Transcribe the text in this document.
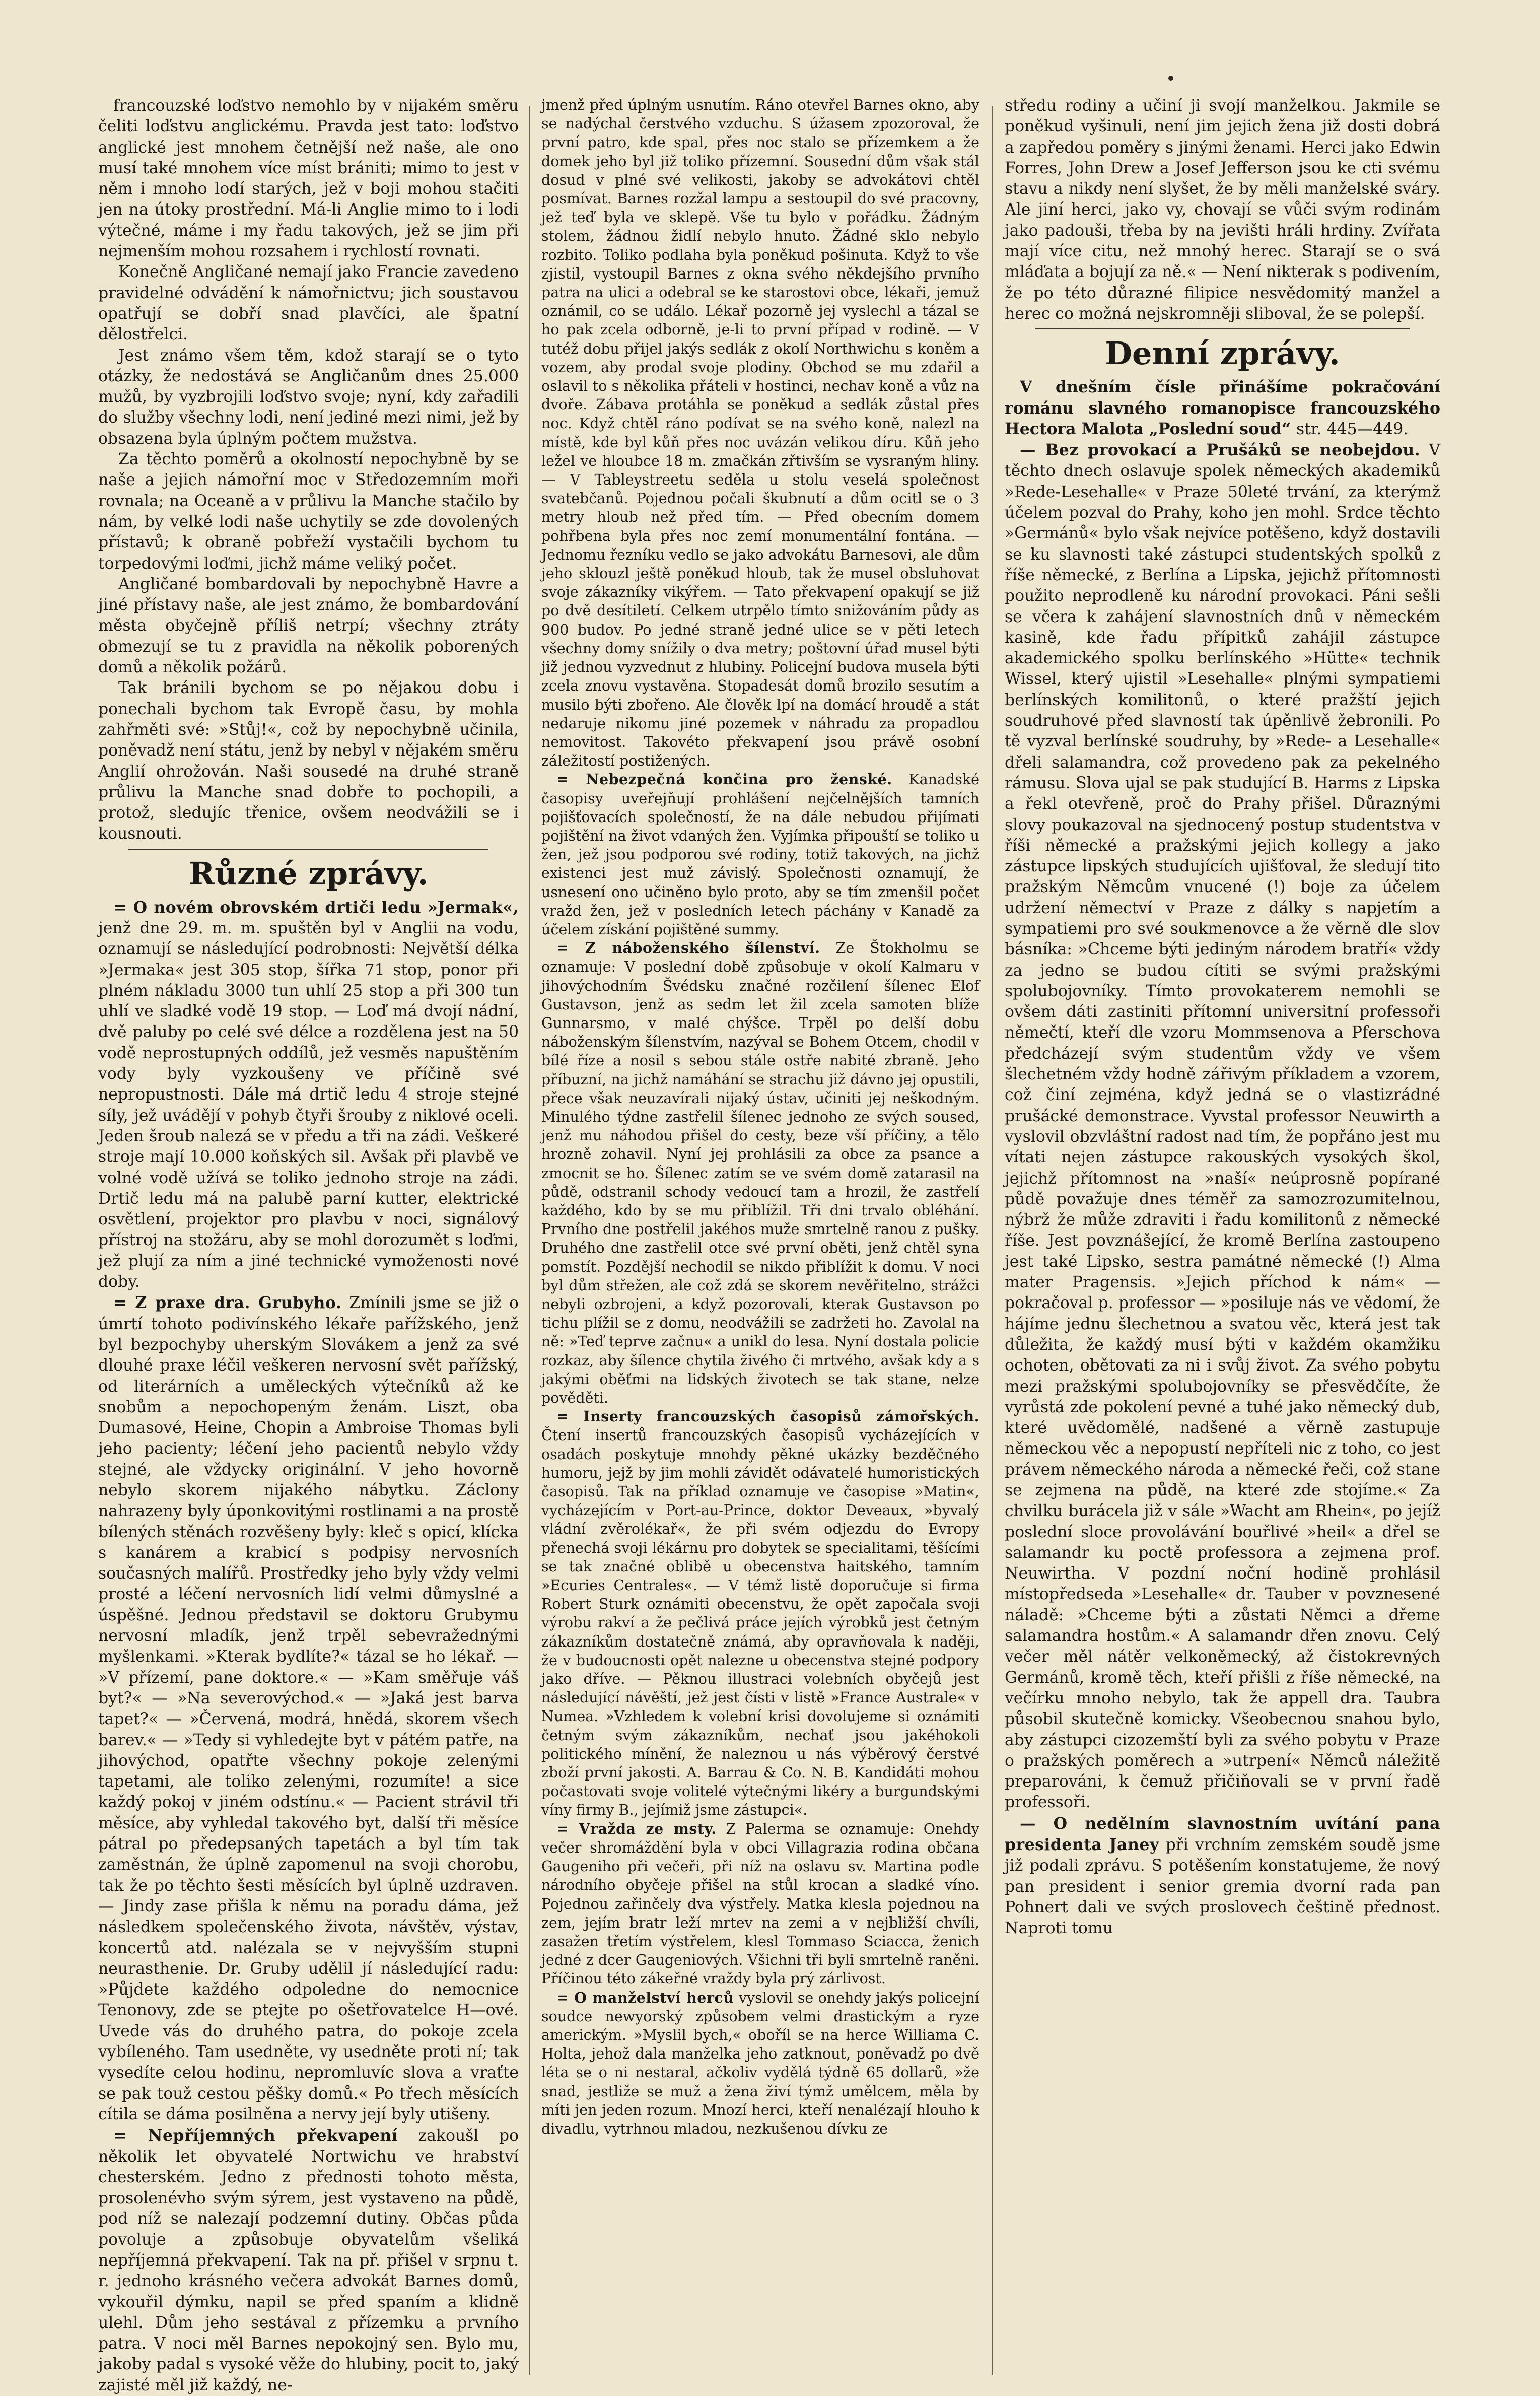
francouzské loďstvo nemohlo by v nijakém směru čeliti loďstvu anglickému. Pravda jest tato: loďstvo anglické jest mnohem četnější než naše, ale ono musí také mnohem více míst brániti; mimo to jest v něm i mnoho lodí starých, jež v boji mohou stačiti jen na útoky prostřední. Má-li Anglie mimo to i lodi výtečné, máme i my řadu takových, jež se jim při nejmenším mohou rozsahem i rychlostí rovnati.

Konečně Angličané nemají jako Francie zavedeno pravidelné odvádění k námořnictvu; jich soustavou opatřují se dobří snad plavčíci, ale špatní dělostřelci.

Jest známo všem těm, kdož starají se o tyto otázky, že nedostává se Angličanům dnes 25.000 mužů, by vyzbrojili loďstvo svoje; nyní, kdy zařadili do služby všechny lodi, není jediné mezi nimi, jež by obsazena byla úplným počtem mužstva.

Za těchto poměrů a okolností nepochybně by se naše a jejich námořní moc v Středozemním moři rovnala; na Oceaně a v průlivu la Manche stačilo by nám, by velké lodi naše uchytily se zde dovolených přístavů; k obraně pobřeží vystačili bychom tu torpedovými loďmi, jichž máme veliký počet.

Angličané bombardovali by nepochybně Havre a jiné přístavy naše, ale jest známo, že bombardování města obyčejně příliš netrpí; všechny ztráty obmezují se tu z pravidla na několik poborených domů a několik požárů.

Tak bránili bychom se po nějakou dobu i ponechali bychom tak Evropě času, by mohla zahřměti své: »Stůj!«, což by nepochybně učinila, poněvadž není státu, jenž by nebyl v nějakém směru Anglií ohrožován. Naši sousedé na druhé straně průlivu la Manche snad dobře to pochopili, a protož, sledujíc třenice, ovšem neodvážili se i kousnouti.

Různé zprávy.

= O novém obrovském drtiči ledu »Jermak«, jenž dne 29. m. m. spuštěn byl v Anglii na vodu, oznamují se následující podrobnosti: Největší délka »Jermaka« jest 305 stop, šířka 71 stop, ponor při plném nákladu 3000 tun uhlí 25 stop a při 300 tun uhlí ve sladké vodě 19 stop. — Loď má dvojí nádní, dvě paluby po celé své délce a rozdělena jest na 50 vodě neprostupných oddílů, jež vesměs napuštěním vody byly vyzkoušeny ve příčině své nepropustnosti. Dále má drtič ledu 4 stroje stejné síly, jež uvádějí v pohyb čtyři šrouby z niklové oceli. Jeden šroub nalezá se v předu a tři na zádi. Veškeré stroje mají 10.000 koňských sil. Avšak při plavbě ve volné vodě užívá se toliko jednoho stroje na zádi. Drtič ledu má na palubě parní kutter, elektrické osvětlení, projektor pro plavbu v noci, signálový přístroj na stožáru, aby se mohl dorozumět s loďmi, jež plují za ním a jiné technické vymoženosti nové doby.

= Z praxe dra. Grubyho. Zmínili jsme se již o úmrtí tohoto podivínského lékaře pařížského, jenž byl bezpochyby uherským Slovákem a jenž za své dlouhé praxe léčil veškeren nervosní svět pařížský, od literárních a uměleckých výtečníků až ke snobům a nepochopeným ženám. Liszt, oba Dumasové, Heine, Chopin a Ambroise Thomas byli jeho pacienty; léčení jeho pacientů nebylo vždy stejné, ale vždycky originální. V jeho hovorně nebylo skorem nijakého nábytku. Záclony nahrazeny byly úponkovitými rostlinami a na prostě bílených stěnách rozvěšeny byly: kleč s opicí, klícka s kanárem a krabicí s podpisy nervosních současných malířů. Prostředky jeho byly vždy velmi prosté a léčení nervosních lidí velmi důmyslné a úspěšné. Jednou představil se doktoru Grubymu nervosní mladík, jenž trpěl sebevražednými myšlenkami. »Kterak bydlíte?« tázal se ho lékař. — »V přízemí, pane doktore.« — »Kam směřuje váš byt?« — »Na severovýchod.« — »Jaká jest barva tapet?« — »Červená, modrá, hnědá, skorem všech barev.« — »Tedy si vyhledejte byt v pátém patře, na jihovýchod, opatřte všechny pokoje zelenými tapetami, ale toliko zelenými, rozumíte! a sice každý pokoj v jiném odstínu.« — Pacient strávil tři měsíce, aby vyhledal takového byt, další tři měsíce pátral po předepsaných tapetách a byl tím tak zaměstnán, že úplně zapomenul na svoji chorobu, tak že po těchto šesti měsících byl úplně uzdraven. — Jindy zase přišla k němu na poradu dáma, jež následkem společenského života, návštěv, výstav, koncertů atd. nalézala se v nejvyšším stupni neurasthenie. Dr. Gruby udělil jí následující radu: »Půjdete každého odpoledne do nemocnice Tenonovy, zde se ptejte po ošetřovatelce H—ové. Uvede vás do druhého patra, do pokoje zcela vybíleného. Tam usedněte, vy usedněte proti ní; tak vysedíte celou hodinu, nepromluvíc slova a vraťte se pak touž cestou pěšky domů.« Po třech měsících cítila se dáma posilněna a nervy její byly utišeny.

= Nepříjemných překvapení zakoušl po několik let obyvatelé Nortwichu ve hrabství chesterském. Jedno z přednosti tohoto města, prosolenévho svým sýrem, jest vystaveno na půdě, pod níž se nalezají podzemní dutiny. Občas půda povoluje a způsobuje obyvatelům všeliká nepříjemná překvapení. Tak na př. přišel v srpnu t. r. jednoho krásného večera advokát Barnes domů, vykouřil dýmku, napil se před spaním a klidně ulehl. Dům jeho sestával z přízemku a prvního patra. V noci měl Barnes nepokojný sen. Bylo mu, jakoby padal s vysoké věže do hlubiny, pocit to, jaký zajisté měl již každý, ne-

jmenž před úplným usnutím. Ráno otevřel Barnes okno, aby se nadýchal čerstvého vzduchu. S úžasem zpozoroval, že první patro, kde spal, přes noc stalo se přízemkem a že domek jeho byl již toliko přízemní. Sousední dům však stál dosud v plné své velikosti, jakoby se advokátovi chtěl posmívat. Barnes rozžal lampu a sestoupil do své pracovny, jež teď byla ve sklepě. Vše tu bylo v pořádku. Žádným stolem, žádnou židlí nebylo hnuto. Žádné sklo nebylo rozbito. Toliko podlaha byla poněkud pošinuta. Když to vše zjistil, vystoupil Barnes z okna svého někdejšího prvního patra na ulici a odebral se ke starostovi obce, lékaři, jemuž oznámil, co se událo. Lékař pozorně jej vyslechl a tázal se ho pak zcela odborně, je-li to první případ v rodině. — V tutéž dobu přijel jakýs sedlák z okolí Northwichu s koněm a vozem, aby prodal svoje plodiny. Obchod se mu zdařil a oslavil to s několika přáteli v hostinci, nechav koně a vůz na dvoře. Zábava protáhla se poněkud a sedlák zůstal přes noc. Když chtěl ráno podívat se na svého koně, nalezl na místě, kde byl kůň přes noc uvázán velikou díru. Kůň jeho ležel ve hloubce 18 m. zmačkán zřtivším se vysraným hliny. — V Tableystreetu seděla u stolu veselá společnost svatebčanů. Pojednou počali škubnutí a dům ocitl se o 3 metry hloub než před tím. — Před obecním domem pohřbena byla přes noc zemí monumentální fontána. — Jednomu řezníku vedlo se jako advokátu Barnesovi, ale dům jeho sklouzl ještě poněkud hloub, tak že musel obsluhovat svoje zákazníky vikýřem. — Tato překvapení opakují se již po dvě desítiletí. Celkem utrpělo tímto snižováním půdy as 900 budov. Po jedné straně jedné ulice se v pěti letech všechny domy snížily o dva metry; poštovní úřad musel býti již jednou vyzvednut z hlubiny. Policejní budova musela býti zcela znovu vystavěna. Stopadesát domů brozilo sesutím a musilo býti zbořeno. Ale člověk lpí na domácí hroudě a stát nedaruje nikomu jiné pozemek v náhradu za propadlou nemovitost. Takovéto překvapení jsou právě osobní záležitostí postižených.

= Nebezpečná končina pro ženské. Kanadské časopisy uveřejňují prohlášení nejčelnějších tamních pojišťovacích společností, že na dále nebudou přijímati pojištění na život vdaných žen. Vyjímka připouští se toliko u žen, jež jsou podporou své rodiny, totiž takových, na jichž existenci jest muž závislý. Společnosti oznamují, že usnesení ono učiněno bylo proto, aby se tím zmenšil počet vražd žen, jež v posledních letech páchány v Kanadě za účelem získání pojištěné summy.

= Z náboženského šílenství. Ze Štokholmu se oznamuje: V poslední době způsobuje v okolí Kalmaru v jihovýchodním Švédsku značné rozčilení šílenec Elof Gustavson, jenž as sedm let žil zcela samoten blíže Gunnarsmo, v malé chýšce. Trpěl po delší dobu náboženským šílenstvím, nazýval se Bohem Otcem, chodil v bílé říze a nosil s sebou stále ostře nabité zbraně. Jeho příbuzní, na jichž namáhání se strachu již dávno jej opustili, přece však neuzavírali nijaký ústav, učiniti jej neškodným. Minulého týdne zastřelil šílenec jednoho ze svých soused, jenž mu náhodou přišel do cesty, beze vší příčiny, a tělo hrozně zohavil. Nyní jej prohlásili za obce za psance a zmocnit se ho. Šílenec zatím se ve svém domě zatarasil na půdě, odstranil schody vedoucí tam a hrozil, že zastřelí každého, kdo by se mu přiblížil. Tři dni trvalo obléhání. Prvního dne postřelil jakéhos muže smrtelně ranou z pušky. Druhého dne zastřelil otce své první oběti, jenž chtěl syna pomstít. Pozdější nechodil se nikdo přiblížit k domu. V noci byl dům střežen, ale což zdá se skorem nevěřitelno, strážci nebyli ozbrojeni, a když pozorovali, kterak Gustavson po tichu plížil se z domu, neodvážili se zadržeti ho. Zavolal na ně: »Teď teprve začnu« a unikl do lesa. Nyní dostala policie rozkaz, aby šílence chytila živého či mrtvého, avšak kdy a s jakými oběťmi na lidských životech se tak stane, nelze pověděti.

= Inserty francouzských časopisů zámořských. Čtení insertů francouzských časopisů vycházejících v osadách poskytuje mnohdy pěkné ukázky bezděčného humoru, jejž by jim mohli závidět odávatelé humoristických časopisů. Tak na příklad oznamuje ve časopise »Matin«, vycházejícím v Port-au-Prince, doktor Deveaux, »byvalý vládní zvěrolékař«, že při svém odjezdu do Evropy přenechá svoji lékárnu pro dobytek se specialitami, těšícími se tak značné oblibě u obecenstva haitského, tamním »Ecuries Centrales«. — V témž listě doporučuje si firma Robert Sturk oznámiti obecenstvu, že opět započala svoji výrobu rakví a že pečlivá práce jejích výrobků jest četným zákazníkům dostatečně známá, aby opravňovala k naději, že v budoucnosti opět nalezne u obecenstva stejné podpory jako dříve. — Pěknou illustraci volebních obyčejů jest následující návěští, jež jest čísti v listě »France Australe« v Numea. »Vzhledem k volební krisi dovolujeme si oznámiti četným svým zákazníkům, nechať jsou jakéhokoli politického mínění, že naleznou u nás výběrový čerstvé zboží první jakosti. A. Barrau & Co. N. B. Kandidáti mohou počastovati svoje volitelé výtečnými likéry a burgundskými víny firmy B., jejímiž jsme zástupci«.

= Vražda ze msty. Z Palerma se oznamuje: Onehdy večer shromáždění byla v obci Villagrazia rodina občana Gaugeniho při večeři, při níž na oslavu sv. Martina podle národního obyčeje přišel na stůl krocan a sladké víno. Pojednou zařinčely dva výstřely. Matka klesla pojednou na zem, jejím bratr leží mrtev na zemi a v nejbližší chvíli, zasažen třetím výstřelem, klesl Tommaso Sciacca, ženich jedné z dcer Gaugeniových. Všichni tři byli smrtelně raněni. Příčinou této zákeřné vraždy byla prý zárlivost.

= O manželství herců vyslovil se onehdy jakýs policejní soudce newyorský způsobem velmi drastickým a ryze americkým. »Myslil bych,« oboříl se na herce Williama C. Holta, jehož dala manželka jeho zatknout, poněvadž po dvě léta se o ni nestaral, ačkoliv vydělá týdně 65 dollarů, »že snad, jestliže se muž a žena živí týmž umělcem, měla by míti jen jeden rozum. Mnozí herci, kteří nenalézají hlouho k divadlu, vytrhnou mladou, nezkušenou dívku ze

středu rodiny a učiní ji svojí manželkou. Jakmile se poněkud vyšinuli, není jim jejich žena již dosti dobrá a zapředou poměry s jinými ženami. Herci jako Edwin Forres, John Drew a Josef Jefferson jsou ke cti svému stavu a nikdy není slyšet, že by měli manželské sváry. Ale jiní herci, jako vy, chovají se vůči svým rodinám jako padouši, třeba by na jevišti hráli hrdiny. Zvířata mají více citu, než mnohý herec. Starají se o svá mláďata a bojují za ně.« — Není nikterak s podivením, že po této důrazné filipice nesvědomitý manžel a herec co možná nejskromněji sliboval, že se polepší.

Denní zprávy.

V dnešním čísle přinášíme pokračování románu slavného romanopisce francouzského Hectora Malota „Poslední soud“ str. 445—449.

— Bez provokací a Prušáků se neobejdou. V těchto dnech oslavuje spolek německých akademiků »Rede-Lesehalle« v Praze 50leté trvání, za kterýmž účelem pozval do Prahy, koho jen mohl. Srdce těchto »Germánů« bylo však nejvíce potěšeno, když dostavili se ku slavnosti také zástupci studentských spolků z říše německé, z Berlína a Lipska, jejichž přítomnosti použito neprodleně ku národní provokaci. Páni sešli se včera k zahájení slavnostních dnů v německém kasině, kde řadu přípitků zahájil zástupce akademického spolku berlínského »Hütte« technik Wissel, který ujistil »Lesehalle« plnými sympatiemi berlínských komilitonů, o které pražští jejich soudruhové před slavností tak úpěnlivě žebronili. Po tě vyzval berlínské soudruhy, by »Rede- a Lesehalle« dřeli salamandra, což provedeno pak za pekelného rámusu. Slova ujal se pak studující B. Harms z Lipska a řekl otevřeně, proč do Prahy přišel. Důraznými slovy poukazoval na sjednocený postup studentstva v říši německé a pražskými jejich kollegy a jako zástupce lipských studujících ujišťoval, že sledují tito pražským Němcům vnucené (!) boje za účelem udržení němectví v Praze z dálky s napjetím a sympatiemi pro své soukmenovce a že věrně dle slov básníka: »Chceme býti jediným národem bratří« vždy za jedno se budou cítiti se svými pražskými spolubojovníky. Tímto provokaterem nemohli se ovšem dáti zastiniti přítomní universitní professoři němečtí, kteří dle vzoru Mommsenova a Pferschova předcházejí svým studentům vždy ve všem šlechetném vždy hodně zářivým příkladem a vzorem, což činí zejména, když jedná se o vlastizrádné prušácké demonstrace. Vyvstal professor Neuwirth a vyslovil obzvláštní radost nad tím, že popřáno jest mu vítati nejen zástupce rakouských vysokých škol, jejichž přítomnost na »naší« neúprosně popírané půdě považuje dnes téměř za samozrozumitelnou, nýbrž že může zdraviti i řadu komilitonů z německé říše. Jest povznášející, že kromě Berlína zastoupeno jest také Lipsko, sestra památné německé (!) Alma mater Pragensis. »Jejich příchod k nám« — pokračoval p. professor — »posiluje nás ve vědomí, že hájíme jednu šlechetnou a svatou věc, která jest tak důležita, že každý musí býti v každém okamžiku ochoten, obětovati za ni i svůj život. Za svého pobytu mezi pražskými spolubojovníky se přesvědčíte, že vyrůstá zde pokolení pevné a tuhé jako německý dub, které uvědomělé, nadšené a věrně zastupuje německou věc a nepopustí nepříteli nic z toho, co jest právem německého národa a německé řeči, což stane se zejmena na půdě, na které zde stojíme.« Za chvilku burácela již v sále »Wacht am Rhein«, po jejíž poslední sloce provolávání bouřlivé »heil« a dřel se salamandr ku poctě professora a zejmena prof. Neuwirtha. V pozdní noční hodině prohlásil místopředseda »Lesehalle« dr. Tauber v povznesené náladě: »Chceme býti a zůstati Němci a dřeme salamandra hostům.« A salamandr dřen znovu. Celý večer měl nátěr velkoněmecký, až čistokrevných Germánů, kromě těch, kteří přišli z říše německé, na večírku mnoho nebylo, tak že appell dra. Taubra působil skutečně komicky. Všeobecnou snahou bylo, aby zástupci cizozemští byli za svého pobytu v Praze o pražských poměrech a »utrpení« Němců náležitě preparováni, k čemuž přičiňovali se v první řadě professoři.

— O nedělním slavnostním uvítání pana presidenta Janey při vrchním zemském soudě jsme již podali zprávu. S potěšením konstatujeme, že nový pan president i senior gremia dvorní rada pan Pohnert dali ve svých proslovech češtině přednost. Naproti tomu
